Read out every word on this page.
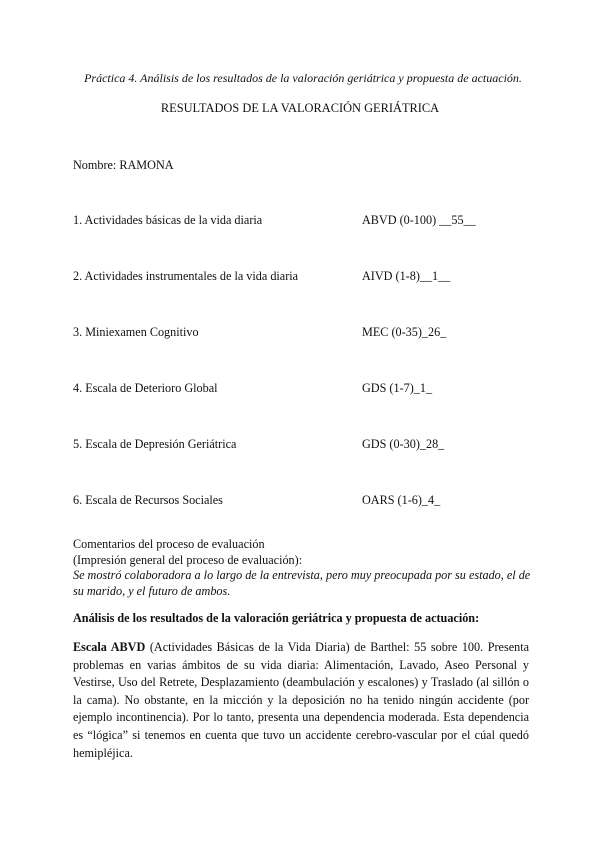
Práctica 4. Análisis de los resultados de la valoración geriátrica y propuesta de actuación.
RESULTADOS DE LA VALORACIÓN GERIÁTRICA
Nombre: RAMONA
1. Actividades básicas de la vida diaria	ABVD (0-100) __55__
2. Actividades instrumentales de la vida diaria	AIVD (1-8)__1__
3. Miniexamen Cognitivo	MEC (0-35)_26_
4. Escala de Deterioro Global	GDS (1-7)_1_
5. Escala de Depresión Geriátrica	GDS (0-30)_28_
6. Escala de Recursos Sociales	OARS (1-6)_4_
Comentarios del proceso de evaluación
(Impresión general del proceso de evaluación):
Se mostró colaboradora a lo largo de la entrevista, pero muy preocupada por su estado, el de su marido, y el futuro de ambos.
Análisis de los resultados de la valoración geriátrica y propuesta de actuación:
Escala ABVD (Actividades Básicas de la Vida Diaria) de Barthel: 55 sobre 100. Presenta problemas en varias ámbitos de su vida diaria: Alimentación, Lavado, Aseo Personal y Vestirse, Uso del Retrete, Desplazamiento (deambulación y escalones) y Traslado (al sillón o la cama). No obstante, en la micción y la deposición no ha tenido ningún accidente (por ejemplo incontinencia). Por lo tanto, presenta una dependencia moderada. Esta dependencia es “lógica” si tenemos en cuenta que tuvo un accidente cerebro-vascular por el cúal quedó hemipléjica.
